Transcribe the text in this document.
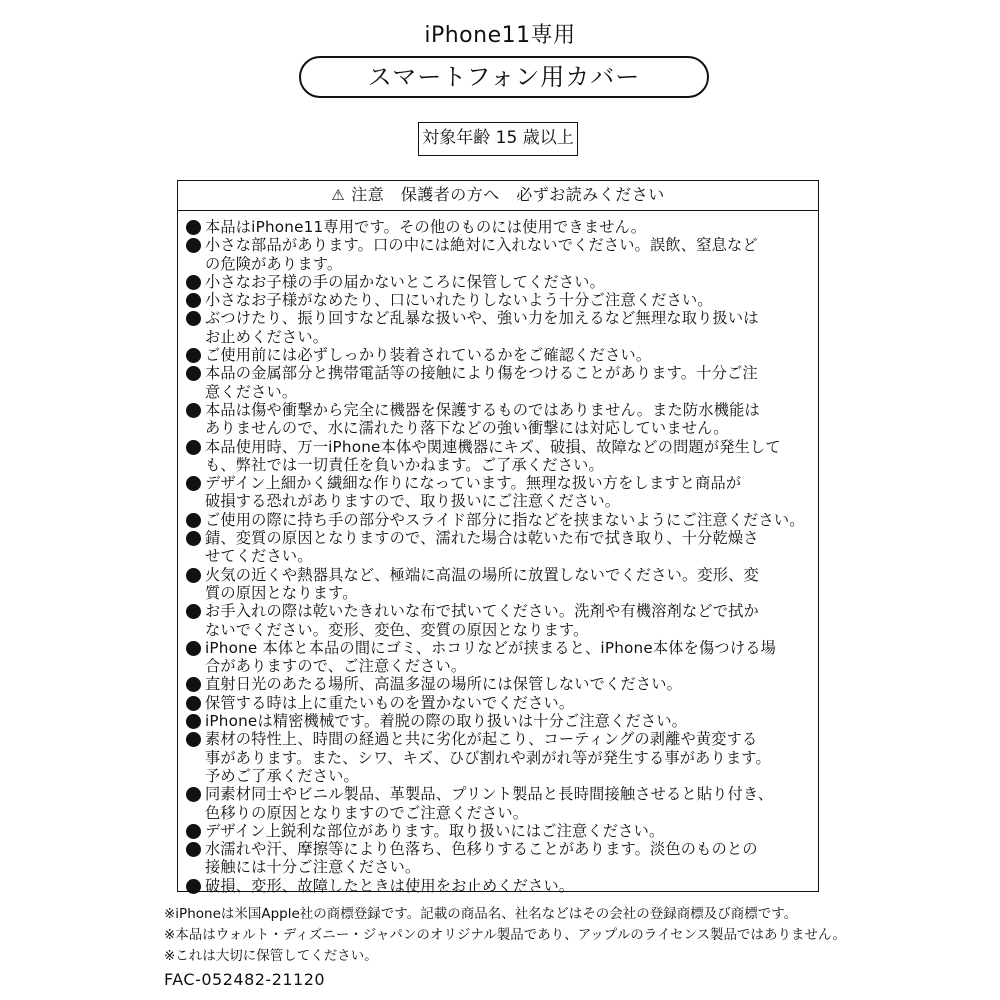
iPhone11専用
スマートフォン用カバー
対象年齢 15 歳以上
⚠ 注意　保護者の方へ　必ずお読みください
本品はiPhone11専用です。その他のものには使用できません。
小さな部品があります。口の中には絶対に入れないでください。誤飲、窒息など
の危険があります。
小さなお子様の手の届かないところに保管してください。
小さなお子様がなめたり、口にいれたりしないよう十分ご注意ください。
ぶつけたり、振り回すなど乱暴な扱いや、強い力を加えるなど無理な取り扱いは
お止めください。
ご使用前には必ずしっかり装着されているかをご確認ください。
本品の金属部分と携帯電話等の接触により傷をつけることがあります。十分ご注
意ください。
本品は傷や衝撃から完全に機器を保護するものではありません。また防水機能は
ありませんので、水に濡れたり落下などの強い衝撃には対応していません。
本品使用時、万一iPhone本体や関連機器にキズ、破損、故障などの問題が発生して
も、弊社では一切責任を負いかねます。ご了承ください。
デザイン上細かく繊細な作りになっています。無理な扱い方をしますと商品が
破損する恐れがありますので、取り扱いにご注意ください。
ご使用の際に持ち手の部分やスライド部分に指などを挟まないようにご注意ください。
錆、変質の原因となりますので、濡れた場合は乾いた布で拭き取り、十分乾燥さ
せてください。
火気の近くや熱器具など、極端に高温の場所に放置しないでください。変形、変
質の原因となります。
お手入れの際は乾いたきれいな布で拭いてください。洗剤や有機溶剤などで拭か
ないでください。変形、変色、変質の原因となります。
iPhone 本体と本品の間にゴミ、ホコリなどが挟まると、iPhone本体を傷つける場
合がありますので、ご注意ください。
直射日光のあたる場所、高温多湿の場所には保管しないでください。
保管する時は上に重たいものを置かないでください。
iPhoneは精密機械です。着脱の際の取り扱いは十分ご注意ください。
素材の特性上、時間の経過と共に劣化が起こり、コーティングの剥離や黄変する
事があります。また、シワ、キズ、ひび割れや剥がれ等が発生する事があります。
予めご了承ください。
同素材同士やビニル製品、革製品、プリント製品と長時間接触させると貼り付き、
色移りの原因となりますのでご注意ください。
デザイン上鋭利な部位があります。取り扱いにはご注意ください。
水濡れや汗、摩擦等により色落ち、色移りすることがあります。淡色のものとの
接触には十分ご注意ください。
破損、変形、故障したときは使用をお止めください。
※iPhoneは米国Apple社の商標登録です。記載の商品名、社名などはその会社の登録商標及び商標です。
※本品はウォルト・ディズニー・ジャパンのオリジナル製品であり、アップルのライセンス製品ではありません。
※これは大切に保管してください。
FAC-052482-21120
